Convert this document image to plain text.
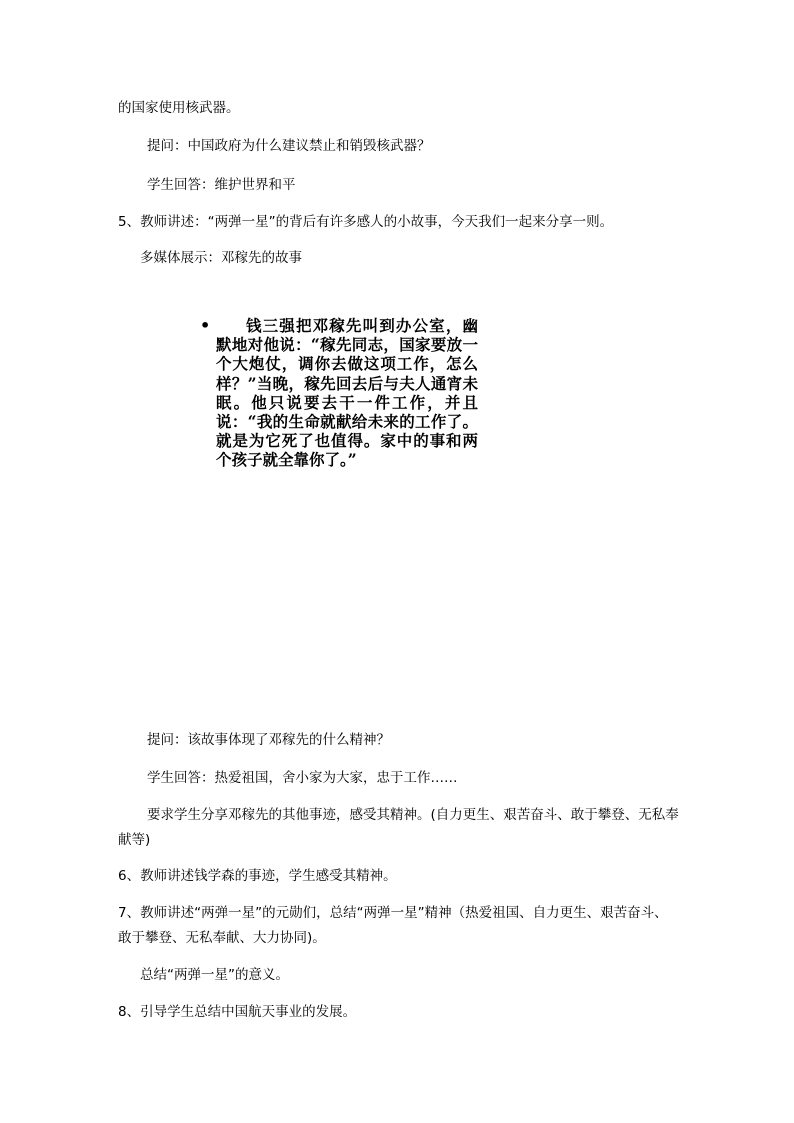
的国家使用核武器。
提问：中国政府为什么建议禁止和销毁核武器？
学生回答：维护世界和平
5、教师讲述：“两弹一星”的背后有许多感人的小故事，今天我们一起来分享一则。
多媒体展示：邓稼先的故事
•	钱三强把邓稼先叫到办公室，幽默地对他说：“稼先同志，国家要放一个大炮仗，调你去做这项工作，怎么样？”当晚，稼先回去后与夫人通宵未眠。他只说要去干一件工作，并且说：“我的生命就献给未来的工作了。就是为它死了也值得。家中的事和两个孩子就全靠你了。”
提问：该故事体现了邓稼先的什么精神？
学生回答：热爱祖国，舍小家为大家，忠于工作……
要求学生分享邓稼先的其他事迹，感受其精神。(自力更生、艰苦奋斗、敢于攀登、无私奉献等)
6、教师讲述钱学森的事迹，学生感受其精神。
7、教师讲述“两弹一星”的元勋们，总结“两弹一星”精神（热爱祖国、自力更生、艰苦奋斗、敢于攀登、无私奉献、大力协同)。
总结“两弹一星”的意义。
8、引导学生总结中国航天事业的发展。
